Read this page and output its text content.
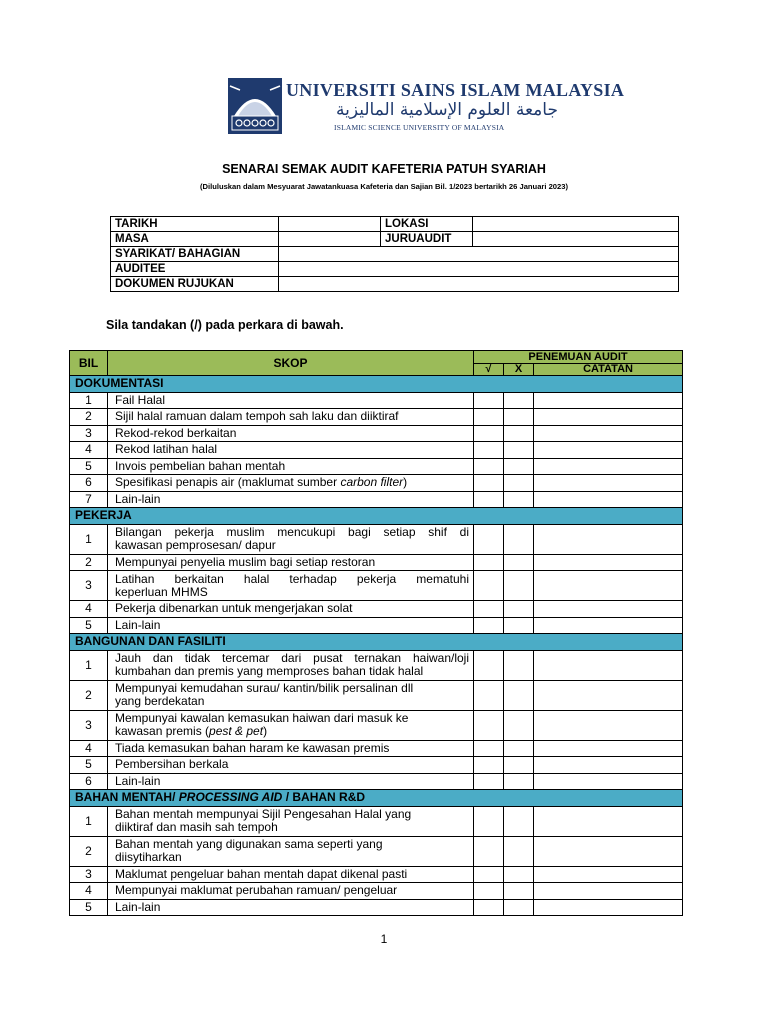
UNIVERSITI SAINS ISLAM MALAYSIA
جامعة العلوم الإسلامية الماليزية
ISLAMIC SCIENCE UNIVERSITY OF MALAYSIA
SENARAI SEMAK AUDIT KAFETERIA PATUH SYARIAH
(Diluluskan dalam Mesyuarat Jawatankuasa Kafeteria dan Sajian Bil. 1/2023 bertarikh 26 Januari 2023)
TARIKH		LOKASI	
MASA		JURUAUDIT	
SYARIKAT/ BAHAGIAN			
AUDITEE			
DOKUMEN RUJUKAN			
Sila tandakan (/) pada perkara di bawah.
BIL	SKOP	PENEMUAN AUDIT		
		√	X	CATATAN
DOKUMENTASI				
1	Fail Halal			

2	Sijil halal ramuan dalam tempoh sah laku dan diiktiraf			

3	Rekod-rekod berkaitan			

4	Rekod latihan halal			

5	Invois pembelian bahan mentah			

6	Spesifikasi penapis air (maklumat sumber carbon filter)			

7	Lain-lain			

PEKERJA				
1	Bilangan pekerja muslim mencukupi bagi setiap shif di
kawasan pemprosesan/ dapur			

2	Mempunyai penyelia muslim bagi setiap restoran			

3	Latihan berkaitan halal terhadap pekerja mematuhi
keperluan MHMS			

4	Pekerja dibenarkan untuk mengerjakan solat			

5	Lain-lain			

BANGUNAN DAN FASILITI				
1	Jauh dan tidak tercemar dari pusat ternakan haiwan/loji
kumbahan dan premis yang memproses bahan tidak halal			

2	Mempunyai kemudahan surau/ kantin/bilik persalinan dll
yang berdekatan			

3	Mempunyai kawalan kemasukan haiwan dari masuk ke
kawasan premis (pest & pet)			

4	Tiada kemasukan bahan haram ke kawasan premis			

5	Pembersihan berkala			

6	Lain-lain			

BAHAN MENTAH/ PROCESSING AID / BAHAN R&D				
1	Bahan mentah mempunyai Sijil Pengesahan Halal yang
diiktiraf dan masih sah tempoh			

2	Bahan mentah yang digunakan sama seperti yang
diisytiharkan			

3	Maklumat pengeluar bahan mentah dapat dikenal pasti			

4	Mempunyai maklumat perubahan ramuan/ pengeluar			

5	Lain-lain			

1
